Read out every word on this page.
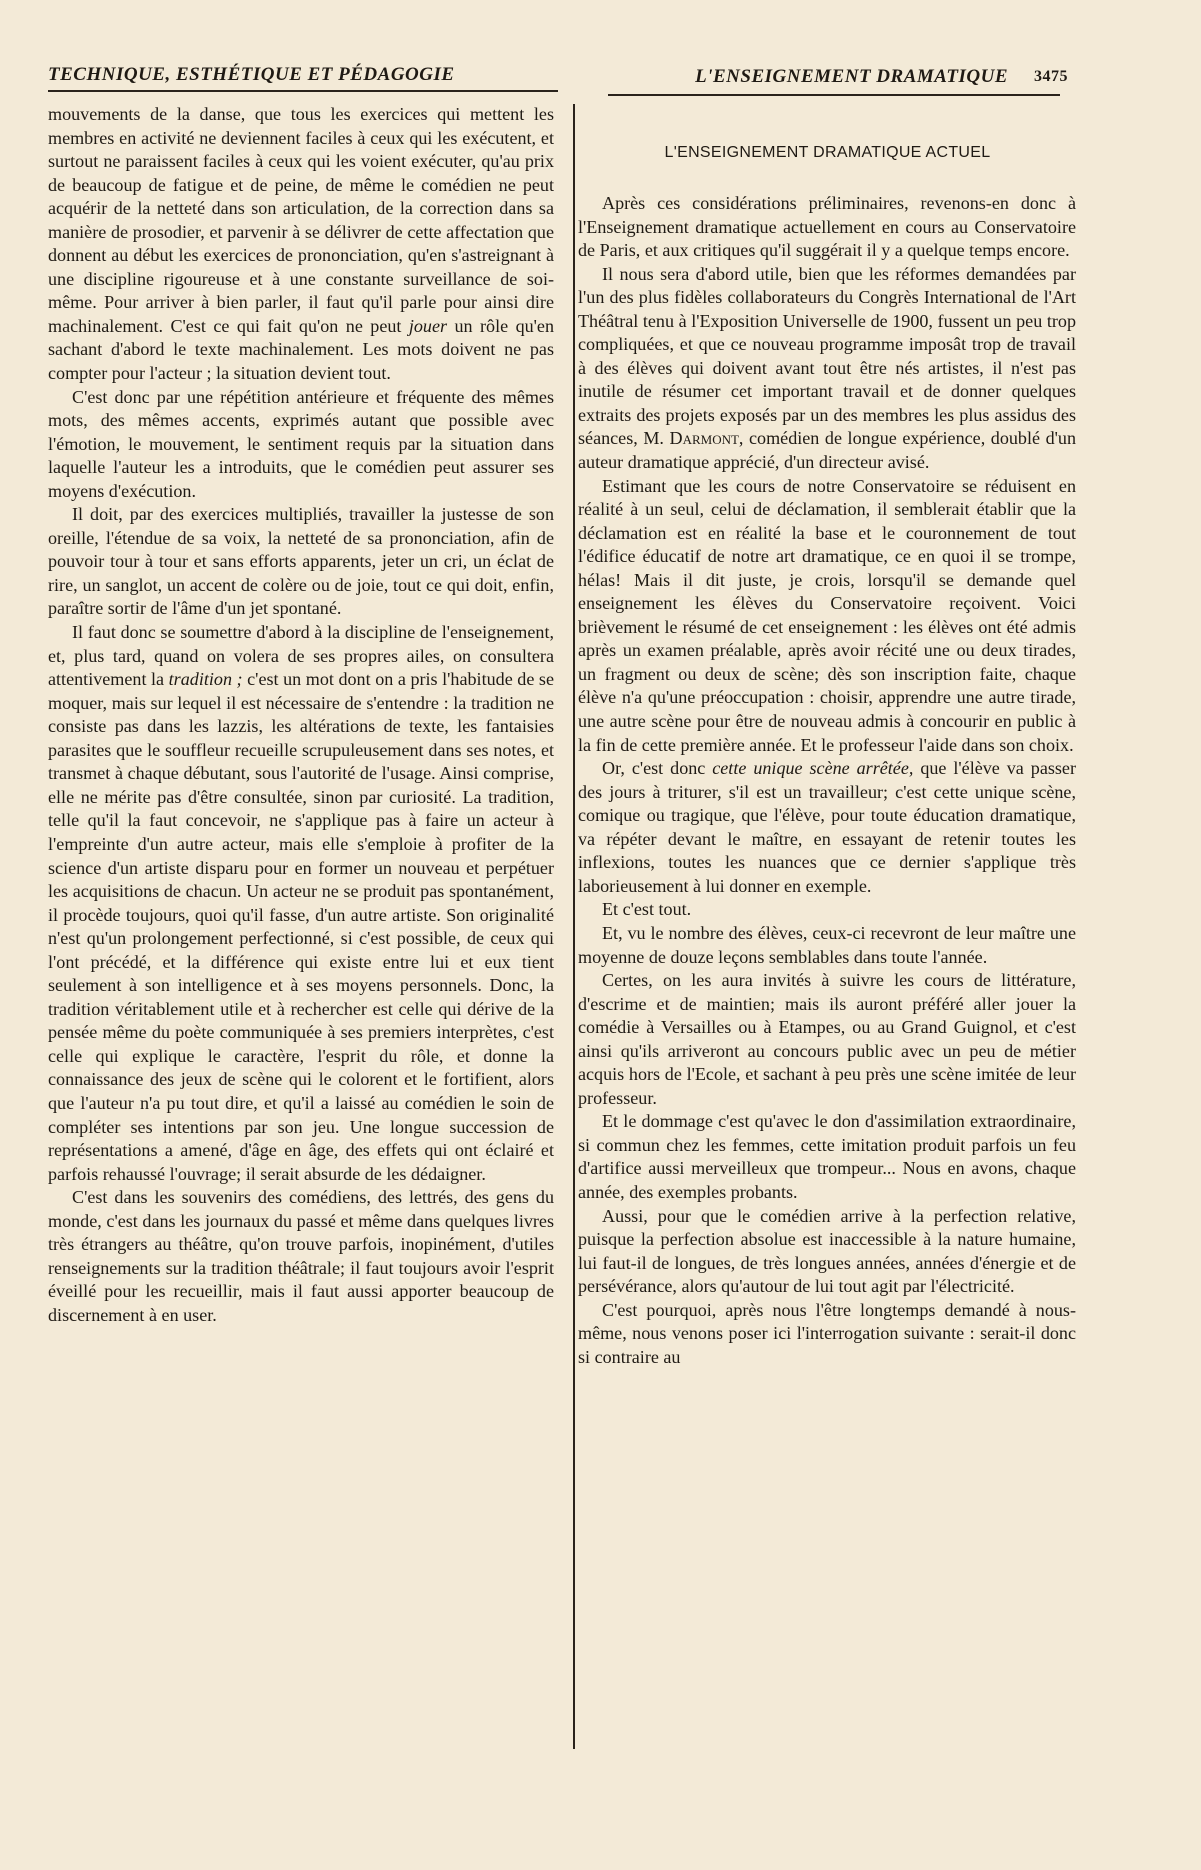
TECHNIQUE, ESTHÉTIQUE ET PÉDAGOGIE	L'ENSEIGNEMENT DRAMATIQUE 3475

mouvements de la danse, que tous les exercices qui mettent les membres en activité ne deviennent faciles à ceux qui les exécutent, et surtout ne paraissent faciles à ceux qui les voient exécuter, qu'au prix de beaucoup de fatigue et de peine, de même le comédien ne peut acquérir de la netteté dans son articulation, de la correction dans sa manière de prosodier, et parvenir à se délivrer de cette affectation que donnent au début les exercices de prononciation, qu'en s'astreignant à une discipline rigoureuse et à une constante surveillance de soi-même. Pour arriver à bien parler, il faut qu'il parle pour ainsi dire machinalement. C'est ce qui fait qu'on ne peut jouer un rôle qu'en sachant d'abord le texte machinalement. Les mots doivent ne pas compter pour l'acteur ; la situation devient tout.

C'est donc par une répétition antérieure et fréquente des mêmes mots, des mêmes accents, exprimés autant que possible avec l'émotion, le mouvement, le sentiment requis par la situation dans laquelle l'auteur les a introduits, que le comédien peut assurer ses moyens d'exécution.

Il doit, par des exercices multipliés, travailler la justesse de son oreille, l'étendue de sa voix, la netteté de sa prononciation, afin de pouvoir tour à tour et sans efforts apparents, jeter un cri, un éclat de rire, un sanglot, un accent de colère ou de joie, tout ce qui doit, enfin, paraître sortir de l'âme d'un jet spontané.

Il faut donc se soumettre d'abord à la discipline de l'enseignement, et, plus tard, quand on volera de ses propres ailes, on consultera attentivement la tradition ; c'est un mot dont on a pris l'habitude de se moquer, mais sur lequel il est nécessaire de s'entendre : la tradition ne consiste pas dans les lazzis, les altérations de texte, les fantaisies parasites que le souffleur recueille scrupuleusement dans ses notes, et transmet à chaque débutant, sous l'autorité de l'usage. Ainsi comprise, elle ne mérite pas d'être consultée, sinon par curiosité. La tradition, telle qu'il la faut concevoir, ne s'applique pas à faire un acteur à l'empreinte d'un autre acteur, mais elle s'emploie à profiter de la science d'un artiste disparu pour en former un nouveau et perpétuer les acquisitions de chacun. Un acteur ne se produit pas spontanément, il procède toujours, quoi qu'il fasse, d'un autre artiste. Son originalité n'est qu'un prolongement perfectionné, si c'est possible, de ceux qui l'ont précédé, et la différence qui existe entre lui et eux tient seulement à son intelligence et à ses moyens personnels. Donc, la tradition véritablement utile et à rechercher est celle qui dérive de la pensée même du poète communiquée à ses premiers interprètes, c'est celle qui explique le caractère, l'esprit du rôle, et donne la connaissance des jeux de scène qui le colorent et le fortifient, alors que l'auteur n'a pu tout dire, et qu'il a laissé au comédien le soin de compléter ses intentions par son jeu. Une longue succession de représentations a amené, d'âge en âge, des effets qui ont éclairé et parfois rehaussé l'ouvrage; il serait absurde de les dédaigner.

C'est dans les souvenirs des comédiens, des lettrés, des gens du monde, c'est dans les journaux du passé et même dans quelques livres très étrangers au théâtre, qu'on trouve parfois, inopinément, d'utiles renseignements sur la tradition théâtrale; il faut toujours avoir l'esprit éveillé pour les recueillir, mais il faut aussi apporter beaucoup de discernement à en user.

L'ENSEIGNEMENT DRAMATIQUE ACTUEL

Après ces considérations préliminaires, revenons-en donc à l'Enseignement dramatique actuellement en cours au Conservatoire de Paris, et aux critiques qu'il suggérait il y a quelque temps encore.

Il nous sera d'abord utile, bien que les réformes demandées par l'un des plus fidèles collaborateurs du Congrès International de l'Art Théâtral tenu à l'Exposition Universelle de 1900, fussent un peu trop compliquées, et que ce nouveau programme imposât trop de travail à des élèves qui doivent avant tout être nés artistes, il n'est pas inutile de résumer cet important travail et de donner quelques extraits des projets exposés par un des membres les plus assidus des séances, M. Darmont, comédien de longue expérience, doublé d'un auteur dramatique apprécié, d'un directeur avisé.

Estimant que les cours de notre Conservatoire se réduisent en réalité à un seul, celui de déclamation, il semblerait établir que la déclamation est en réalité la base et le couronnement de tout l'édifice éducatif de notre art dramatique, ce en quoi il se trompe, hélas! Mais il dit juste, je crois, lorsqu'il se demande quel enseignement les élèves du Conservatoire reçoivent. Voici brièvement le résumé de cet enseignement : les élèves ont été admis après un examen préalable, après avoir récité une ou deux tirades, un fragment ou deux de scène; dès son inscription faite, chaque élève n'a qu'une préoccupation : choisir, apprendre une autre tirade, une autre scène pour être de nouveau admis à concourir en public à la fin de cette première année. Et le professeur l'aide dans son choix.

Or, c'est donc cette unique scène arrêtée, que l'élève va passer des jours à triturer, s'il est un travailleur; c'est cette unique scène, comique ou tragique, que l'élève, pour toute éducation dramatique, va répéter devant le maître, en essayant de retenir toutes les inflexions, toutes les nuances que ce dernier s'applique très laborieusement à lui donner en exemple.

Et c'est tout.

Et, vu le nombre des élèves, ceux-ci recevront de leur maître une moyenne de douze leçons semblables dans toute l'année.

Certes, on les aura invités à suivre les cours de littérature, d'escrime et de maintien; mais ils auront préféré aller jouer la comédie à Versailles ou à Etampes, ou au Grand Guignol, et c'est ainsi qu'ils arriveront au concours public avec un peu de métier acquis hors de l'Ecole, et sachant à peu près une scène imitée de leur professeur.

Et le dommage c'est qu'avec le don d'assimilation extraordinaire, si commun chez les femmes, cette imitation produit parfois un feu d'artifice aussi merveilleux que trompeur... Nous en avons, chaque année, des exemples probants.

Aussi, pour que le comédien arrive à la perfection relative, puisque la perfection absolue est inaccessible à la nature humaine, lui faut-il de longues, de très longues années, années d'énergie et de persévérance, alors qu'autour de lui tout agit par l'électricité.

C'est pourquoi, après nous l'être longtemps demandé à nous-même, nous venons poser ici l'interrogation suivante : serait-il donc si contraire au
